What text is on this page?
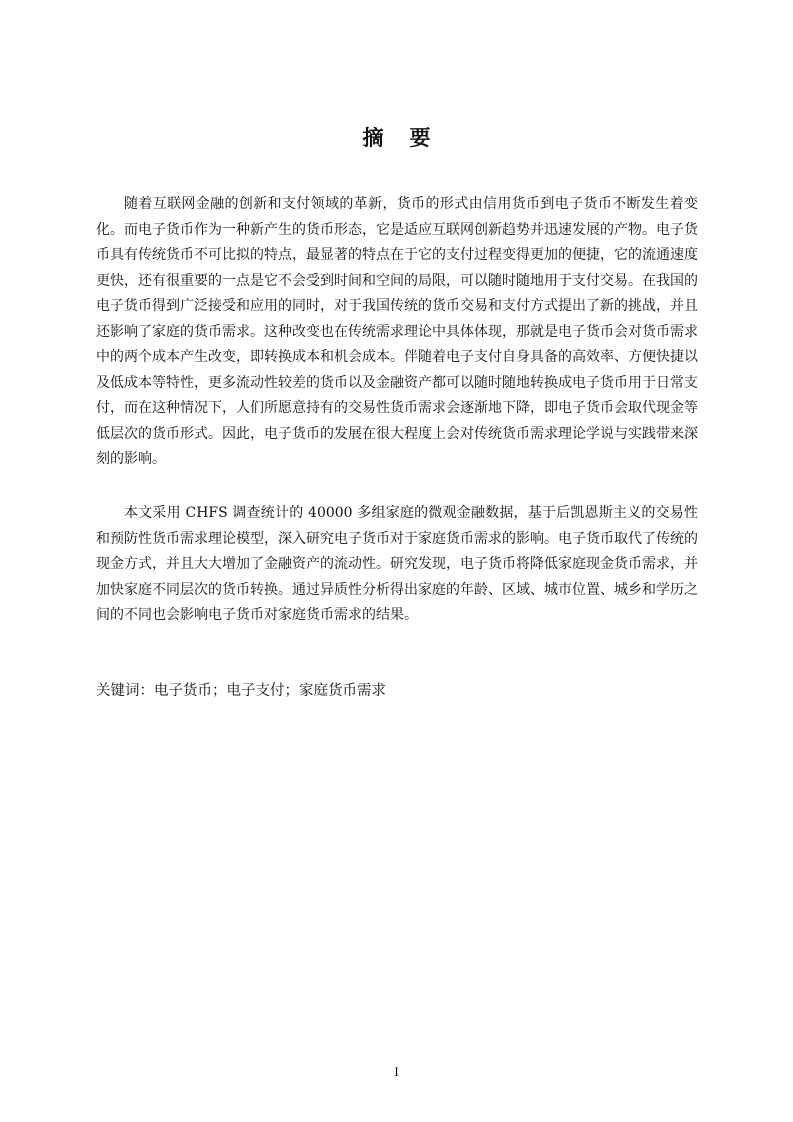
摘要

随着互联网金融的创新和支付领域的革新，货币的形式由信用货币到电子货币不断发生着变化。而电子货币作为一种新产生的货币形态，它是适应互联网创新趋势并迅速发展的产物。电子货币具有传统货币不可比拟的特点，最显著的特点在于它的支付过程变得更加的便捷，它的流通速度更快，还有很重要的一点是它不会受到时间和空间的局限，可以随时随地用于支付交易。在我国的电子货币得到广泛接受和应用的同时，对于我国传统的货币交易和支付方式提出了新的挑战，并且还影响了家庭的货币需求。这种改变也在传统需求理论中具体体现，那就是电子货币会对货币需求中的两个成本产生改变，即转换成本和机会成本。伴随着电子支付自身具备的高效率、方便快捷以及低成本等特性，更多流动性较差的货币以及金融资产都可以随时随地转换成电子货币用于日常支付，而在这种情况下，人们所愿意持有的交易性货币需求会逐渐地下降，即电子货币会取代现金等低层次的货币形式。因此，电子货币的发展在很大程度上会对传统货币需求理论学说与实践带来深刻的影响。

本文采用 CHFS 调查统计的 40000 多组家庭的微观金融数据，基于后凯恩斯主义的交易性和预防性货币需求理论模型，深入研究电子货币对于家庭货币需求的影响。电子货币取代了传统的现金方式，并且大大增加了金融资产的流动性。研究发现，电子货币将降低家庭现金货币需求，并加快家庭不同层次的货币转换。通过异质性分析得出家庭的年龄、区域、城市位置、城乡和学历之间的不同也会影响电子货币对家庭货币需求的结果。

关键词：电子货币；电子支付；家庭货币需求
I
